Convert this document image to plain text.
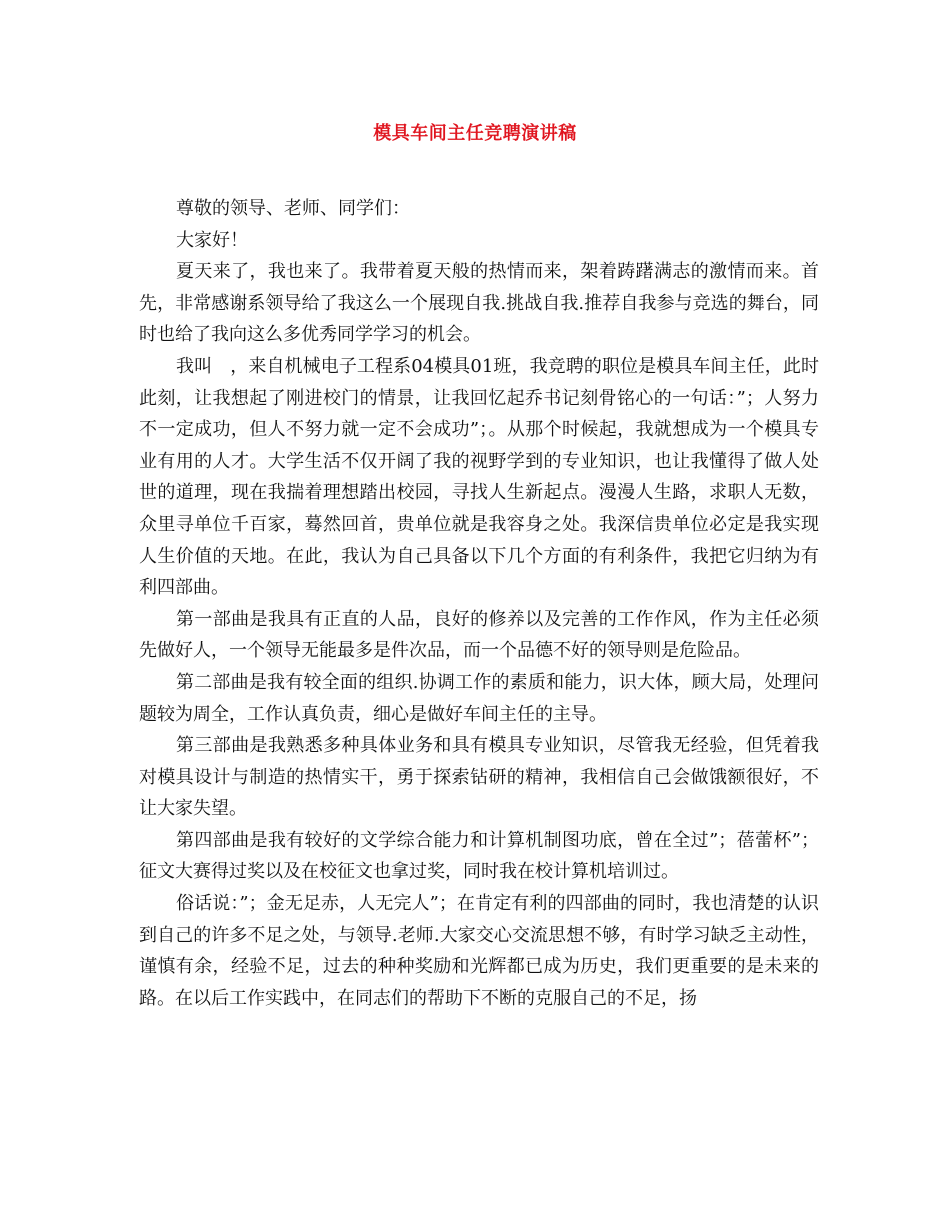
模具车间主任竞聘演讲稿

尊敬的领导、老师、同学们：

大家好！

夏天来了，我也来了。我带着夏天般的热情而来，架着踌躇满志的激情而来。首先，非常感谢系领导给了我这么一个展现自我.挑战自我.推荐自我参与竞选的舞台，同时也给了我向这么多优秀同学学习的机会。

我叫　，来自机械电子工程系04模具01班，我竞聘的职位是模具车间主任，此时此刻，让我想起了刚进校门的情景，让我回忆起乔书记刻骨铭心的一句话：”；人努力不一定成功，但人不努力就一定不会成功”；。从那个时候起，我就想成为一个模具专业有用的人才。大学生活不仅开阔了我的视野学到的专业知识，也让我懂得了做人处世的道理，现在我揣着理想踏出校园，寻找人生新起点。漫漫人生路，求职人无数，众里寻单位千百家，蓦然回首，贵单位就是我容身之处。我深信贵单位必定是我实现人生价值的天地。在此，我认为自己具备以下几个方面的有利条件，我把它归纳为有利四部曲。

第一部曲是我具有正直的人品，良好的修养以及完善的工作作风，作为主任必须先做好人，一个领导无能最多是件次品，而一个品德不好的领导则是危险品。

第二部曲是我有较全面的组织.协调工作的素质和能力，识大体，顾大局，处理问题较为周全，工作认真负责，细心是做好车间主任的主导。

第三部曲是我熟悉多种具体业务和具有模具专业知识，尽管我无经验，但凭着我对模具设计与制造的热情实干，勇于探索钻研的精神，我相信自己会做饿额很好，不让大家失望。

第四部曲是我有较好的文学综合能力和计算机制图功底，曾在全过”；蓓蕾杯”；征文大赛得过奖以及在校征文也拿过奖，同时我在校计算机培训过。

俗话说：”；金无足赤，人无完人”；在肯定有利的四部曲的同时，我也清楚的认识到自己的许多不足之处，与领导.老师.大家交心交流思想不够，有时学习缺乏主动性，谨慎有余，经验不足，过去的种种奖励和光辉都已成为历史，我们更重要的是未来的路。在以后工作实践中，在同志们的帮助下不断的克服自己的不足，扬
